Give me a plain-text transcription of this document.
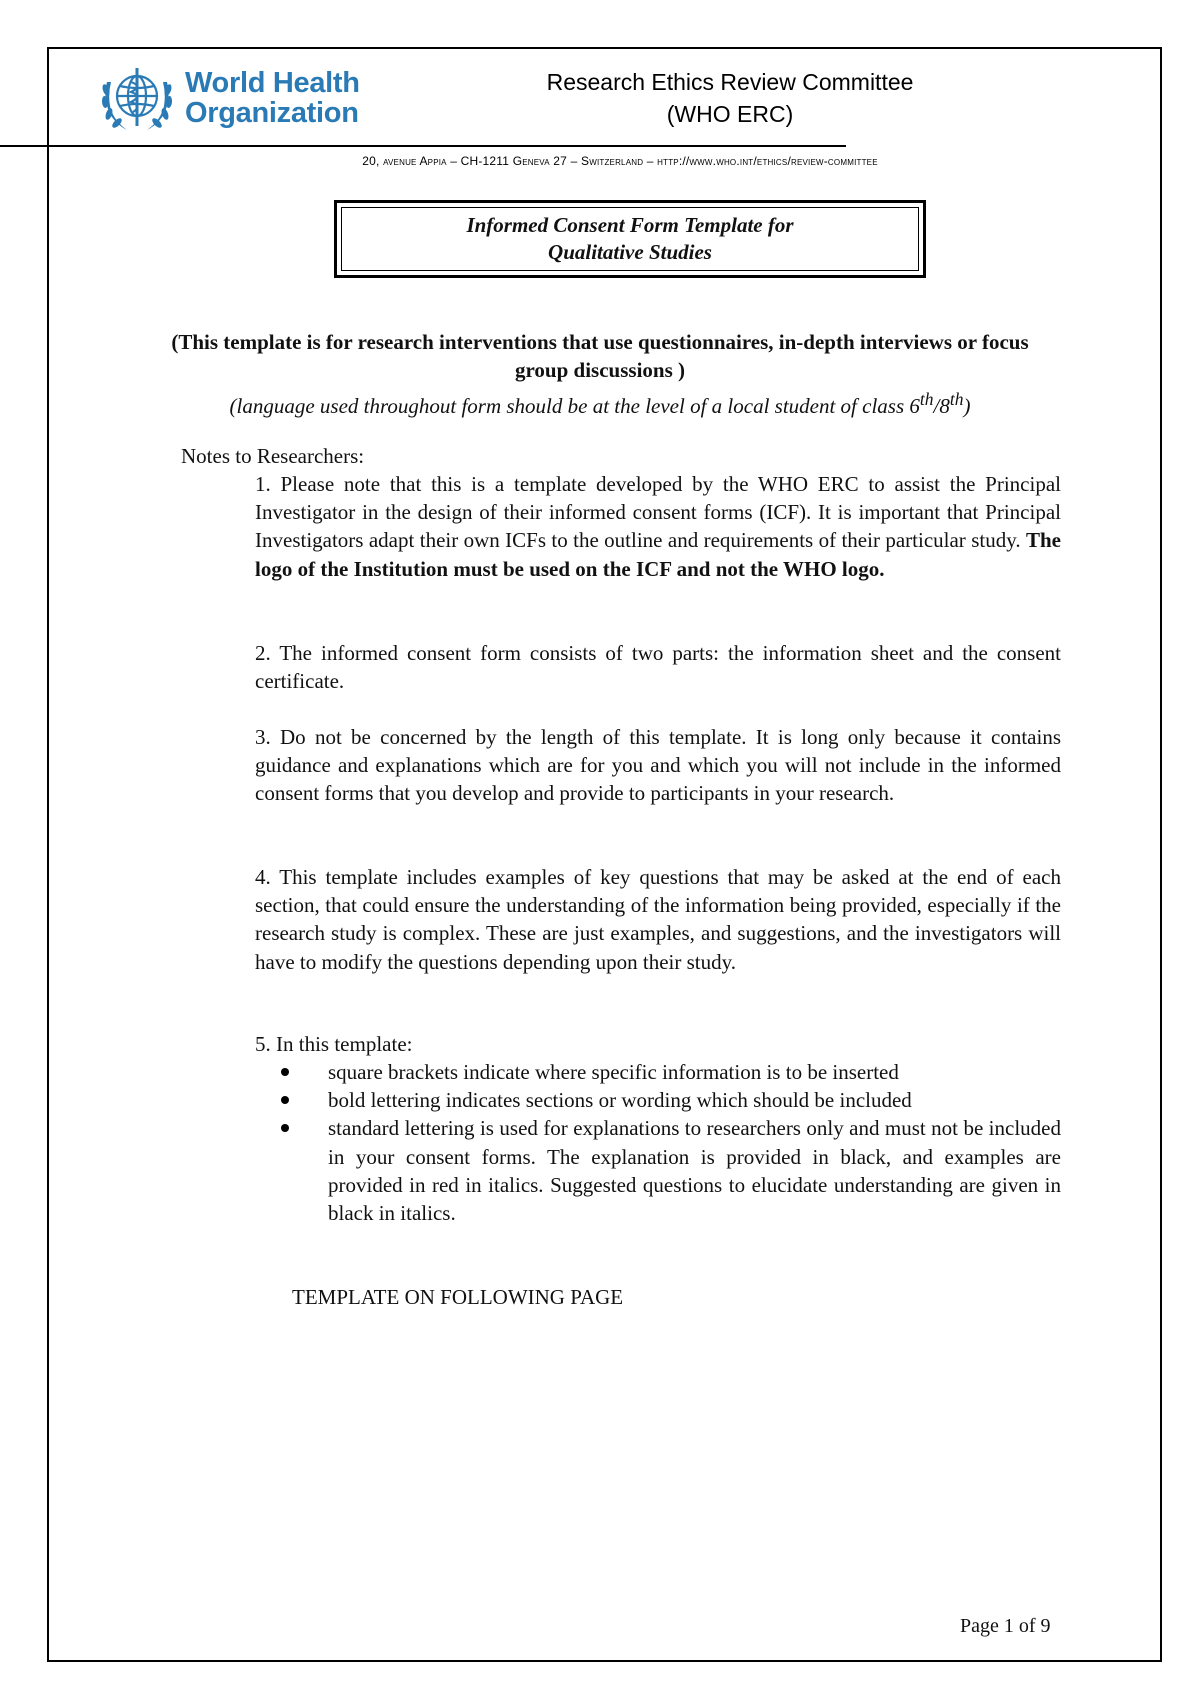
World Health
Organization
Research Ethics Review Committee
(WHO ERC)
20, avenue Appia – CH-1211 Geneva 27 – Switzerland – http://www.who.int/ethics/review-committee
Informed Consent Form Template for
Qualitative Studies
(This template is for research interventions that use questionnaires, in-depth interviews or focus
group discussions )
(language used throughout form should be at the level of a local student of class 6th/8th)
Notes to Researchers:
1. Please note that this is a template developed by the WHO ERC to assist the Principal Investigator in the design of their informed consent forms (ICF). It is important that Principal Investigators adapt their own ICFs to the outline and requirements of their particular study. The logo of the Institution must be used on the ICF and not the WHO logo.
2. The informed consent form consists of two parts: the information sheet and the consent certificate.
3. Do not be concerned by the length of this template. It is long only because it contains guidance and explanations which are for you and which you will not include in the informed consent forms that you develop and provide to participants in your research.
4. This template includes examples of key questions that may be asked at the end of each section, that could ensure the understanding of the information being provided, especially if the research study is complex. These are just examples, and suggestions, and the investigators will have to modify the questions depending upon their study.
5. In this template:
square brackets indicate where specific information is to be inserted
bold lettering indicates sections or wording which should be included
standard lettering is used for explanations to researchers only and must not be included in your consent forms. The explanation is provided in black, and examples are provided in red in italics. Suggested questions to elucidate understanding are given in black in italics.
TEMPLATE ON FOLLOWING PAGE
Page 1 of 9
